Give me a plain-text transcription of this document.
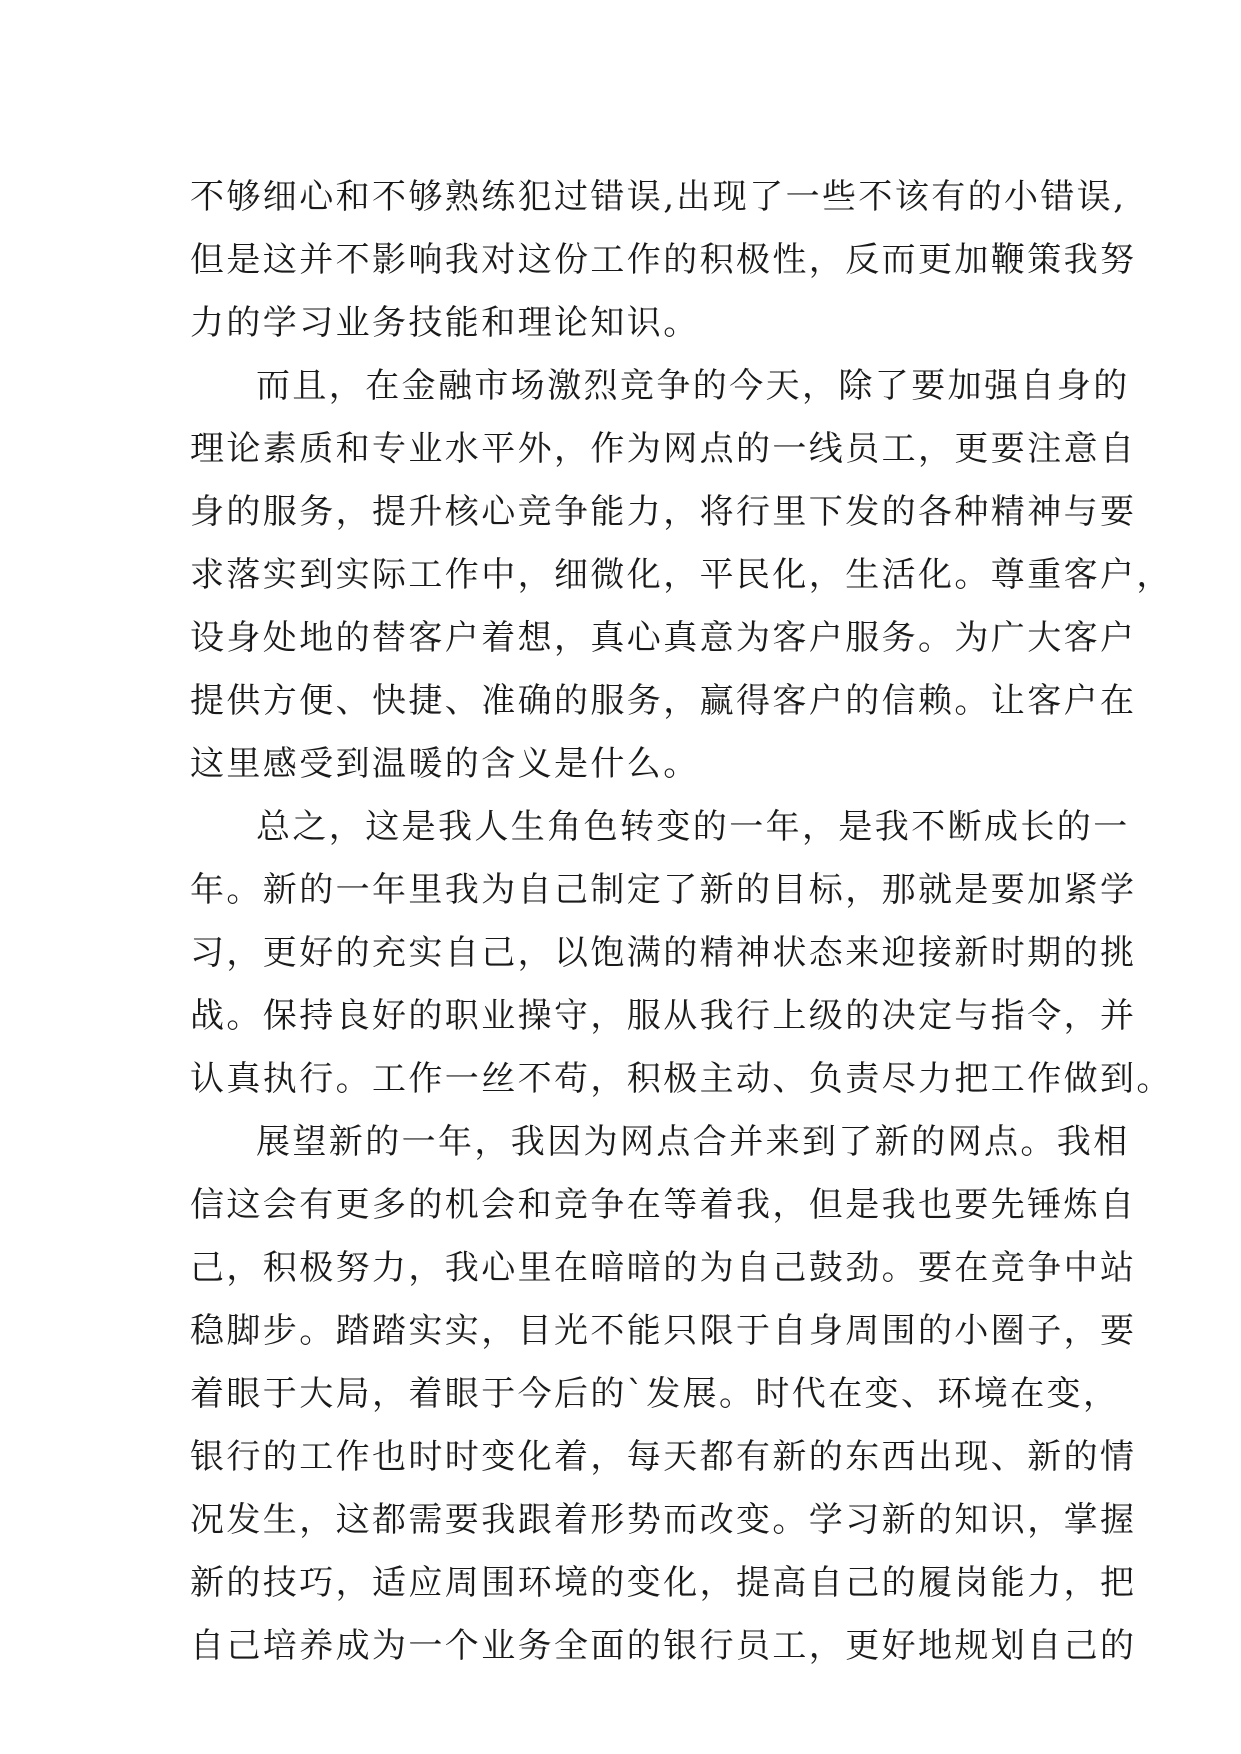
不够细心和不够熟练犯过错误,出现了一些不该有的小错误,
但是这并不影响我对这份工作的积极性，反而更加鞭策我努
力的学习业务技能和理论知识。
而且，在金融市场激烈竞争的今天，除了要加强自身的
理论素质和专业水平外，作为网点的一线员工，更要注意自
身的服务，提升核心竞争能力，将行里下发的各种精神与要
求落实到实际工作中，细微化，平民化，生活化。尊重客户，
设身处地的替客户着想，真心真意为客户服务。为广大客户
提供方便、快捷、准确的服务，赢得客户的信赖。让客户在
这里感受到温暖的含义是什么。
总之，这是我人生角色转变的一年，是我不断成长的一
年。新的一年里我为自己制定了新的目标，那就是要加紧学
习，更好的充实自己，以饱满的精神状态来迎接新时期的挑
战。保持良好的职业操守，服从我行上级的决定与指令，并
认真执行。工作一丝不苟，积极主动、负责尽力把工作做到。
展望新的一年，我因为网点合并来到了新的网点。我相
信这会有更多的机会和竞争在等着我，但是我也要先锤炼自
己，积极努力，我心里在暗暗的为自己鼓劲。要在竞争中站
稳脚步。踏踏实实，目光不能只限于自身周围的小圈子，要
着眼于大局，着眼于今后的`发展。时代在变、环境在变，
银行的工作也时时变化着，每天都有新的东西出现、新的情
况发生，这都需要我跟着形势而改变。学习新的知识，掌握
新的技巧，适应周围环境的变化，提高自己的履岗能力，把
自己培养成为一个业务全面的银行员工，更好地规划自己的
